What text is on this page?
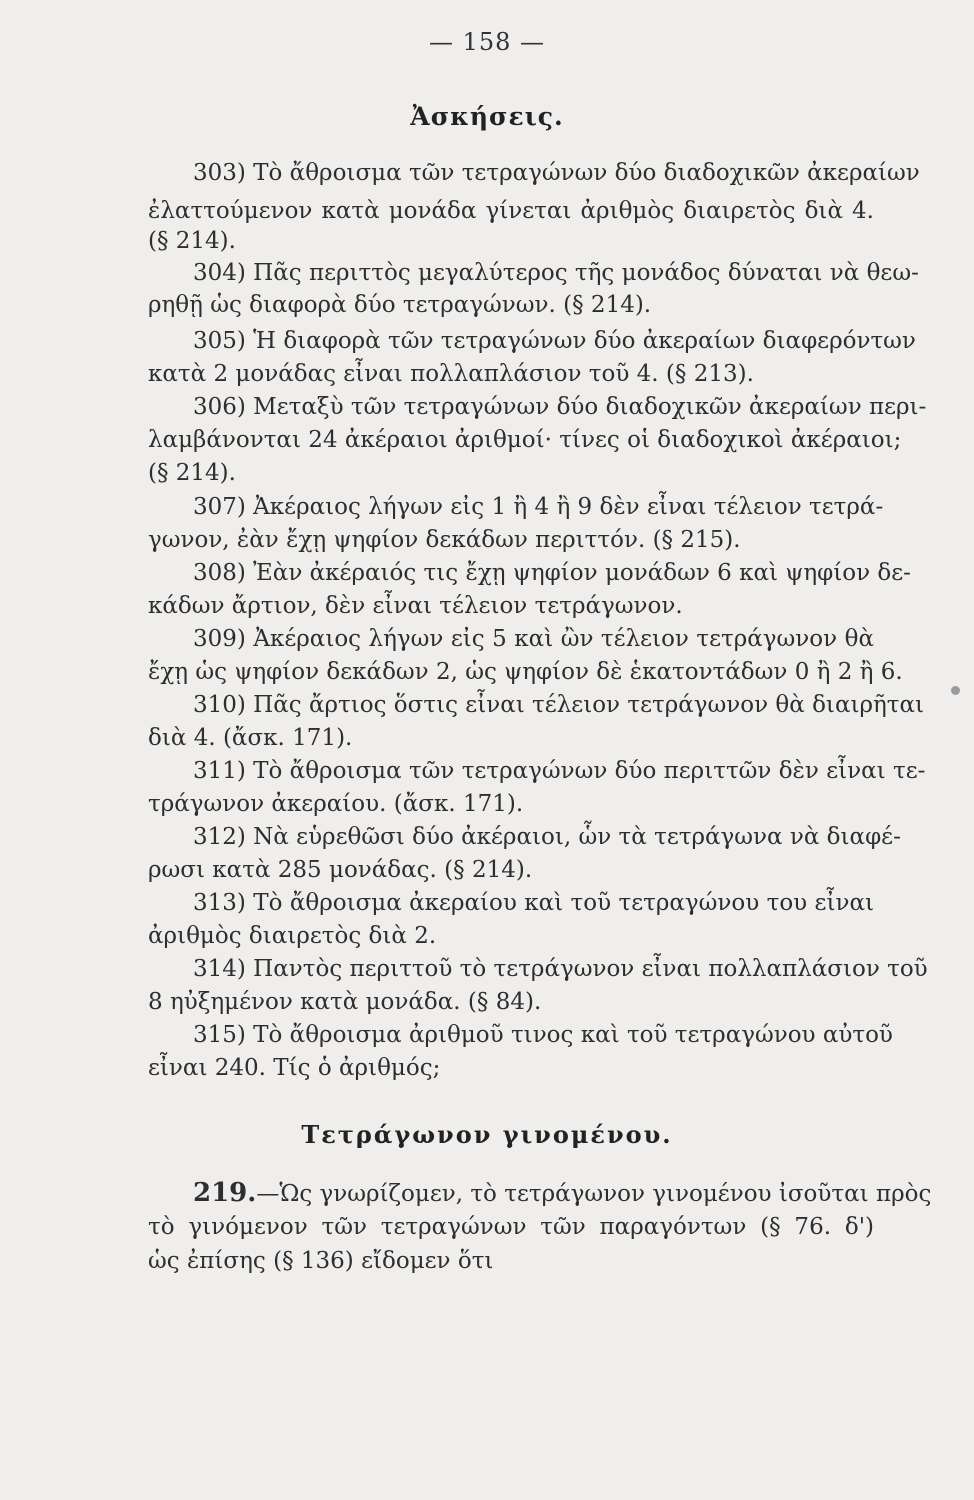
— 158 —
Ἀσκήσεις.
303) Τὸ ἄθροισμα τῶν τετραγώνων δύο διαδοχικῶν ἀκεραίων
ἐλαττούμενον κατὰ μονάδα γίνεται ἀριθμὸς διαιρετὸς διὰ 4.
(§ 214).
304) Πᾶς περιττὸς μεγαλύτερος τῆς μονάδος δύναται νὰ θεω-
ρηθῇ ὡς διαφορὰ δύο τετραγώνων. (§ 214).
305) Ἡ διαφορὰ τῶν τετραγώνων δύο ἀκεραίων διαφερόντων
κατὰ 2 μονάδας εἶναι πολλαπλάσιον τοῦ 4. (§ 213).
306) Μεταξὺ τῶν τετραγώνων δύο διαδοχικῶν ἀκεραίων περι-
λαμβάνονται 24 ἀκέραιοι ἀριθμοί· τίνες οἱ διαδοχικοὶ ἀκέραιοι;
(§ 214).
307) Ἀκέραιος λήγων εἰς 1 ἢ 4 ἢ 9 δὲν εἶναι τέλειον τετρά-
γωνον, ἐὰν ἔχῃ ψηφίον δεκάδων περιττόν. (§ 215).
308) Ἐὰν ἀκέραιός τις ἔχῃ ψηφίον μονάδων 6 καὶ ψηφίον δε-
κάδων ἄρτιον, δὲν εἶναι τέλειον τετράγωνον.
309) Ἀκέραιος λήγων εἰς 5 καὶ ὢν τέλειον τετράγωνον θὰ
ἔχῃ ὡς ψηφίον δεκάδων 2, ὡς ψηφίον δὲ ἑκατοντάδων 0 ἢ 2 ἢ 6.
310) Πᾶς ἄρτιος ὅστις εἶναι τέλειον τετράγωνον θὰ διαιρῆται
διὰ 4. (ἄσκ. 171).
311) Τὸ ἄθροισμα τῶν τετραγώνων δύο περιττῶν δὲν εἶναι τε-
τράγωνον ἀκεραίου. (ἄσκ. 171).
312) Νὰ εὑρεθῶσι δύο ἀκέραιοι, ὧν τὰ τετράγωνα νὰ διαφέ-
ρωσι κατὰ 285 μονάδας. (§ 214).
313) Τὸ ἄθροισμα ἀκεραίου καὶ τοῦ τετραγώνου του εἶναι
ἀριθμὸς διαιρετὸς διὰ 2.
314) Παντὸς περιττοῦ τὸ τετράγωνον εἶναι πολλαπλάσιον τοῦ
8 ηὐξημένον κατὰ μονάδα. (§ 84).
315) Τὸ ἄθροισμα ἀριθμοῦ τινος καὶ τοῦ τετραγώνου αὐτοῦ
εἶναι 240. Τίς ὁ ἀριθμός;
Τετράγωνον γινομένου.
219.—Ὡς γνωρίζομεν, τὸ τετράγωνον γινομένου ἰσοῦται πρὸς
τὸ γινόμενον τῶν τετραγώνων τῶν παραγόντων (§ 76. δ')
ὡς ἐπίσης (§ 136) εἴδομεν ὅτι
